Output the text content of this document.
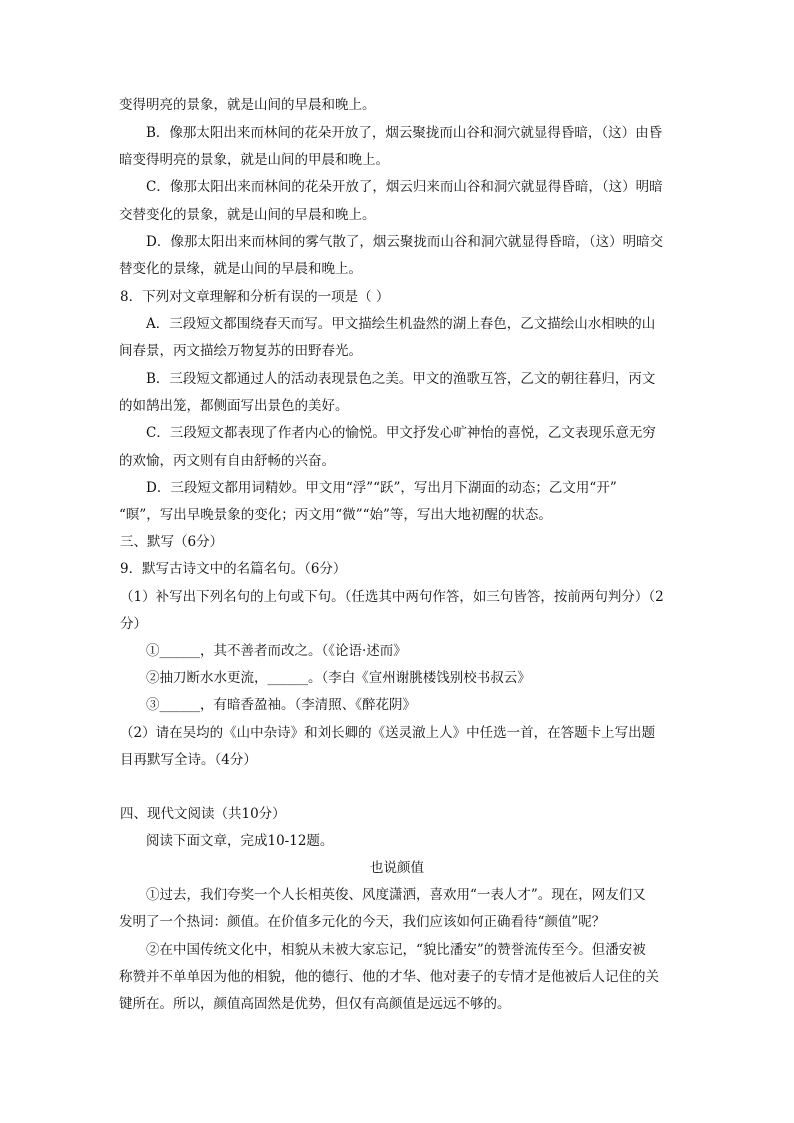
变得明亮的景象，就是山间的早晨和晚上。
B．像那太阳出来而林间的花朵开放了，烟云聚拢而山谷和洞穴就显得昏暗，（这）由昏
暗变得明亮的景象，就是山间的甲晨和晚上。
C．像那太阳出来而林间的花朵开放了，烟云归来而山谷和洞穴就显得昏暗，（这）明暗
交替变化的景象，就是山间的早晨和晚上。
D．像那太阳出来而林间的雾气散了，烟云聚拢而山谷和洞穴就显得昏暗，（这）明暗交
替变化的景缘，就是山间的早晨和晚上。
8．下列对文章理解和分析有误的一项是（ ）
A．三段短文都围绕春天而写。甲文描绘生机盎然的湖上春色，乙文描绘山水相映的山
间春景，丙文描绘万物复苏的田野春光。
B．三段短文都通过人的活动表现景色之美。甲文的渔歌互答，乙文的朝往暮归，丙文
的如鹄出笼，都侧面写出景色的美好。
C．三段短文都表现了作者内心的愉悦。甲文抒发心旷神怡的喜悦，乙文表现乐意无穷
的欢愉，丙文则有自由舒畅的兴奋。
D．三段短文都用词精妙。甲文用“浮”“跃”，写出月下湖面的动态；乙文用“开”
“暝”，写出早晚景象的变化；丙文用“微”“始”等，写出大地初醒的状态。
三、默写（6分）
9．默写古诗文中的名篇名句。（6分）
（1）补写出下列名句的上句或下句。（任选其中两句作答，如三句皆答，按前两句判分）（2
分）
①______，其不善者而改之。（《论语·述而》
②抽刀断水水更流，______。（李白《宣州谢朓楼饯别校书叔云》
③______，有暗香盈袖。（李清照、《醉花阴》
（2）请在吴均的《山中杂诗》和刘长卿的《送灵澈上人》中任选一首，在答题卡上写出题
目再默写全诗。（4分）
四、现代文阅读（共10分）
阅读下面文章，完成10-12题。
也说颜值
①过去，我们夸奖一个人长相英俊、风度潇洒，喜欢用“一表人才”。现在，网友们又
发明了一个热词：颜值。在价值多元化的今天，我们应该如何正确看待“颜值”呢？
②在中国传统文化中，相貌从未被大家忘记，“貌比潘安”的赞誉流传至今。但潘安被
称赞并不单单因为他的相貌，他的德行、他的才华、他对妻子的专情才是他被后人记住的关
键所在。所以，颜值高固然是优势，但仅有高颜值是远远不够的。
